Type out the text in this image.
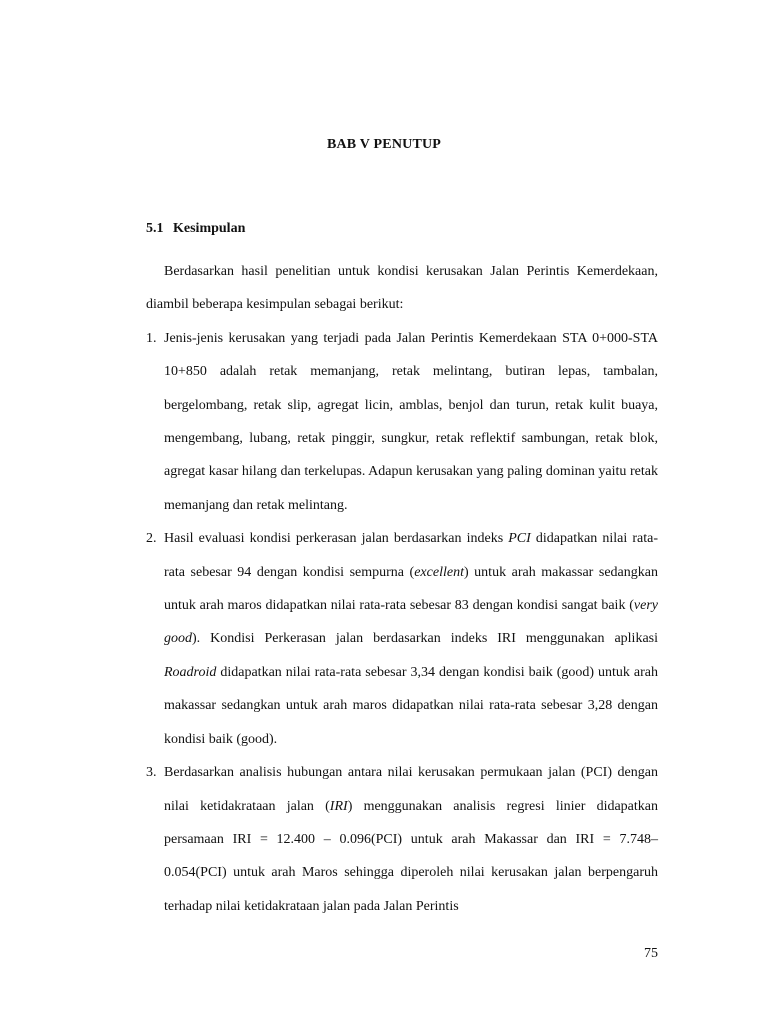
BAB V PENUTUP
5.1 Kesimpulan

Berdasarkan hasil penelitian untuk kondisi kerusakan Jalan Perintis Kemerdekaan, diambil beberapa kesimpulan sebagai berikut:

1. Jenis-jenis kerusakan yang terjadi pada Jalan Perintis Kemerdekaan STA 0+000-STA 10+850 adalah retak memanjang, retak melintang, butiran lepas, tambalan, bergelombang, retak slip, agregat licin, amblas, benjol dan turun, retak kulit buaya, mengembang, lubang, retak pinggir, sungkur, retak reflektif sambungan, retak blok, agregat kasar hilang dan terkelupas. Adapun kerusakan yang paling dominan yaitu retak memanjang dan retak melintang.
2. Hasil evaluasi kondisi perkerasan jalan berdasarkan indeks PCI didapatkan nilai rata-rata sebesar 94 dengan kondisi sempurna (excellent) untuk arah makassar sedangkan untuk arah maros didapatkan nilai rata-rata sebesar 83 dengan kondisi sangat baik (very good). Kondisi Perkerasan jalan berdasarkan indeks IRI menggunakan aplikasi Roadroid didapatkan nilai rata-rata sebesar 3,34 dengan kondisi baik (good) untuk arah makassar sedangkan untuk arah maros didapatkan nilai rata-rata sebesar 3,28 dengan kondisi baik (good).
3. Berdasarkan analisis hubungan antara nilai kerusakan permukaan jalan (PCI) dengan nilai ketidakrataan jalan (IRI) menggunakan analisis regresi linier didapatkan persamaan IRI = 12.400 – 0.096(PCI) untuk arah Makassar dan IRI = 7.748– 0.054(PCI) untuk arah Maros sehingga diperoleh nilai kerusakan jalan berpengaruh terhadap nilai ketidakrataan jalan pada Jalan Perintis
75
